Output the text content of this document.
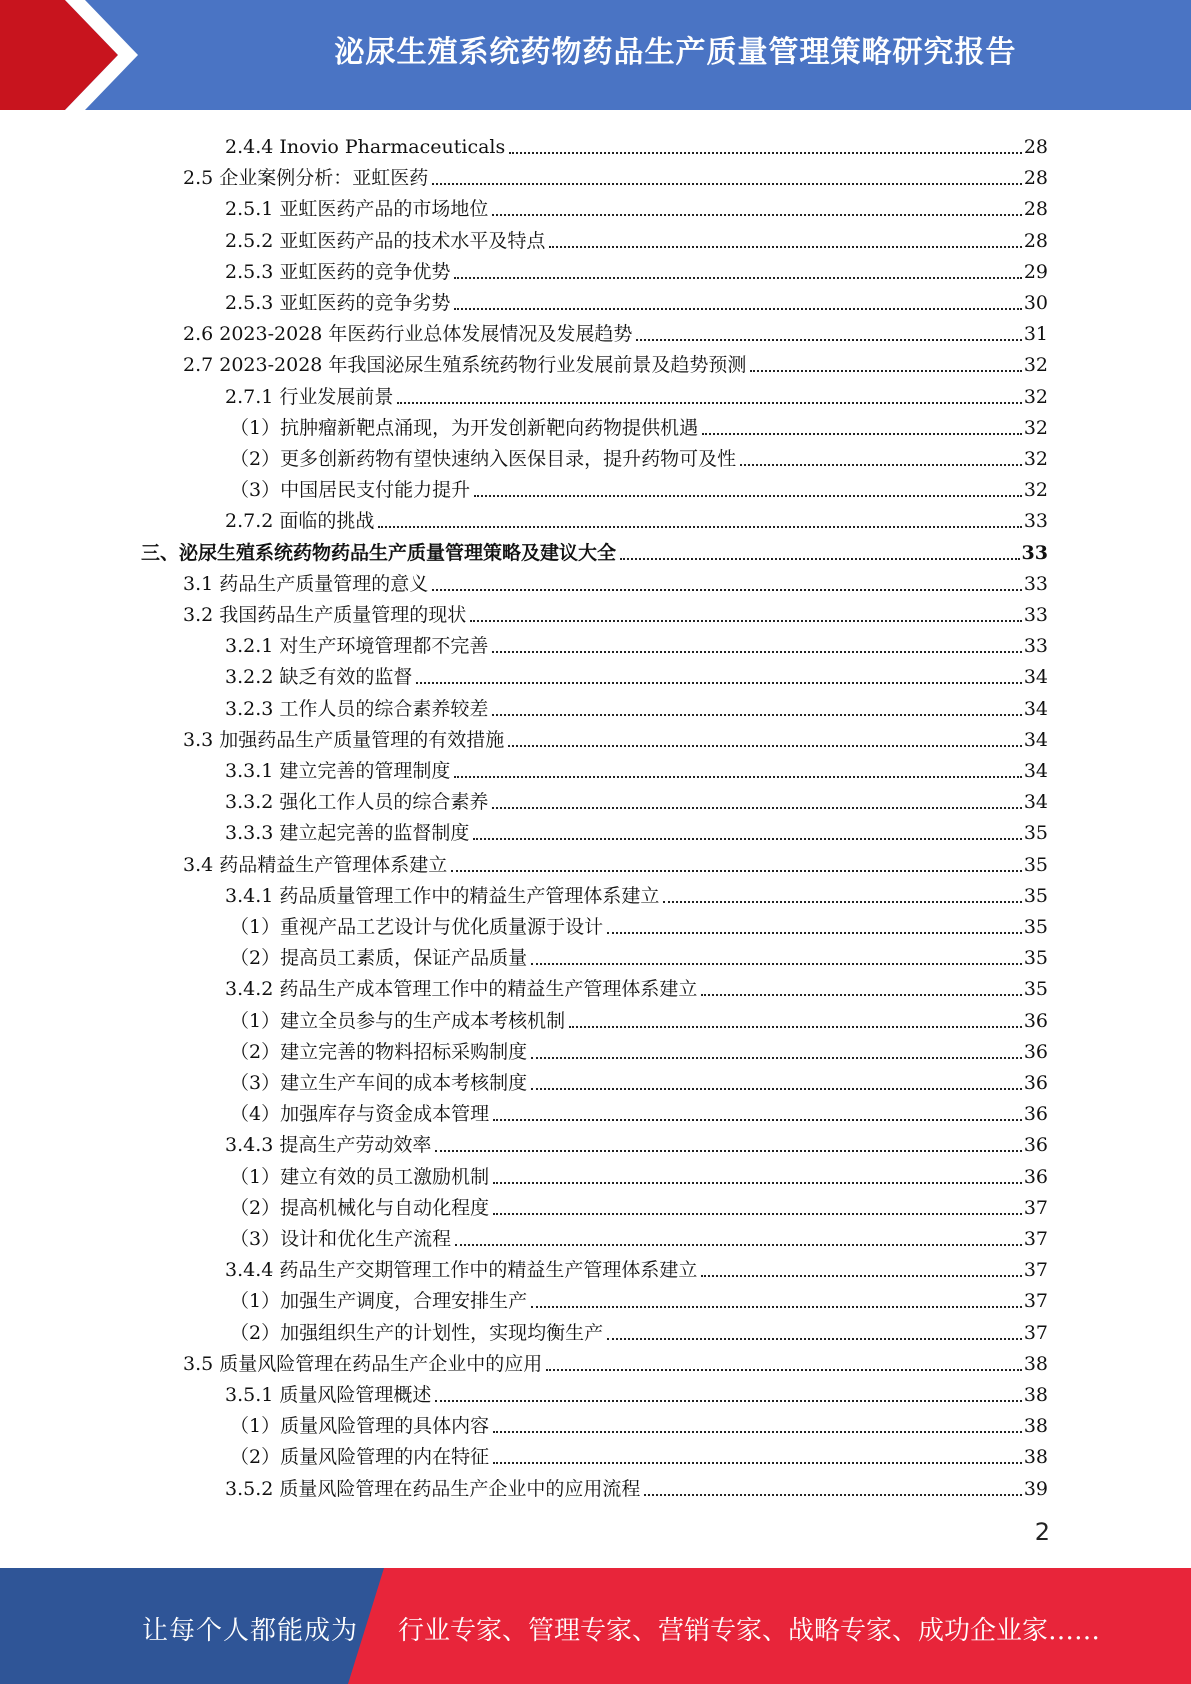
泌尿生殖系统药物药品生产质量管理策略研究报告
2.4.4 Inovio Pharmaceuticals	28
2.5 企业案例分析：亚虹医药	28
2.5.1 亚虹医药产品的市场地位	28
2.5.2 亚虹医药产品的技术水平及特点	28
2.5.3 亚虹医药的竞争优势	29
2.5.3 亚虹医药的竞争劣势	30
2.6 2023-2028 年医药行业总体发展情况及发展趋势	31
2.7 2023-2028 年我国泌尿生殖系统药物行业发展前景及趋势预测	32
2.7.1 行业发展前景	32
（1）抗肿瘤新靶点涌现，为开发创新靶向药物提供机遇	32
（2）更多创新药物有望快速纳入医保目录，提升药物可及性	32
（3）中国居民支付能力提升	32
2.7.2 面临的挑战	33
三、泌尿生殖系统药物药品生产质量管理策略及建议大全	33
3.1 药品生产质量管理的意义	33
3.2 我国药品生产质量管理的现状	33
3.2.1 对生产环境管理都不完善	33
3.2.2 缺乏有效的监督	34
3.2.3 工作人员的综合素养较差	34
3.3 加强药品生产质量管理的有效措施	34
3.3.1 建立完善的管理制度	34
3.3.2 强化工作人员的综合素养	34
3.3.3 建立起完善的监督制度	35
3.4 药品精益生产管理体系建立	35
3.4.1 药品质量管理工作中的精益生产管理体系建立	35
（1）重视产品工艺设计与优化质量源于设计	35
（2）提高员工素质，保证产品质量	35
3.4.2 药品生产成本管理工作中的精益生产管理体系建立	35
（1）建立全员参与的生产成本考核机制	36
（2）建立完善的物料招标采购制度	36
（3）建立生产车间的成本考核制度	36
（4）加强库存与资金成本管理	36
3.4.3 提高生产劳动效率	36
（1）建立有效的员工激励机制	36
（2）提高机械化与自动化程度	37
（3）设计和优化生产流程	37
3.4.4 药品生产交期管理工作中的精益生产管理体系建立	37
（1）加强生产调度，合理安排生产	37
（2）加强组织生产的计划性，实现均衡生产	37
3.5 质量风险管理在药品生产企业中的应用	38
3.5.1 质量风险管理概述	38
（1）质量风险管理的具体内容	38
（2）质量风险管理的内在特征	38
3.5.2 质量风险管理在药品生产企业中的应用流程	39
2
让每个人都能成为 行业专家、管理专家、营销专家、战略专家、成功企业家……
